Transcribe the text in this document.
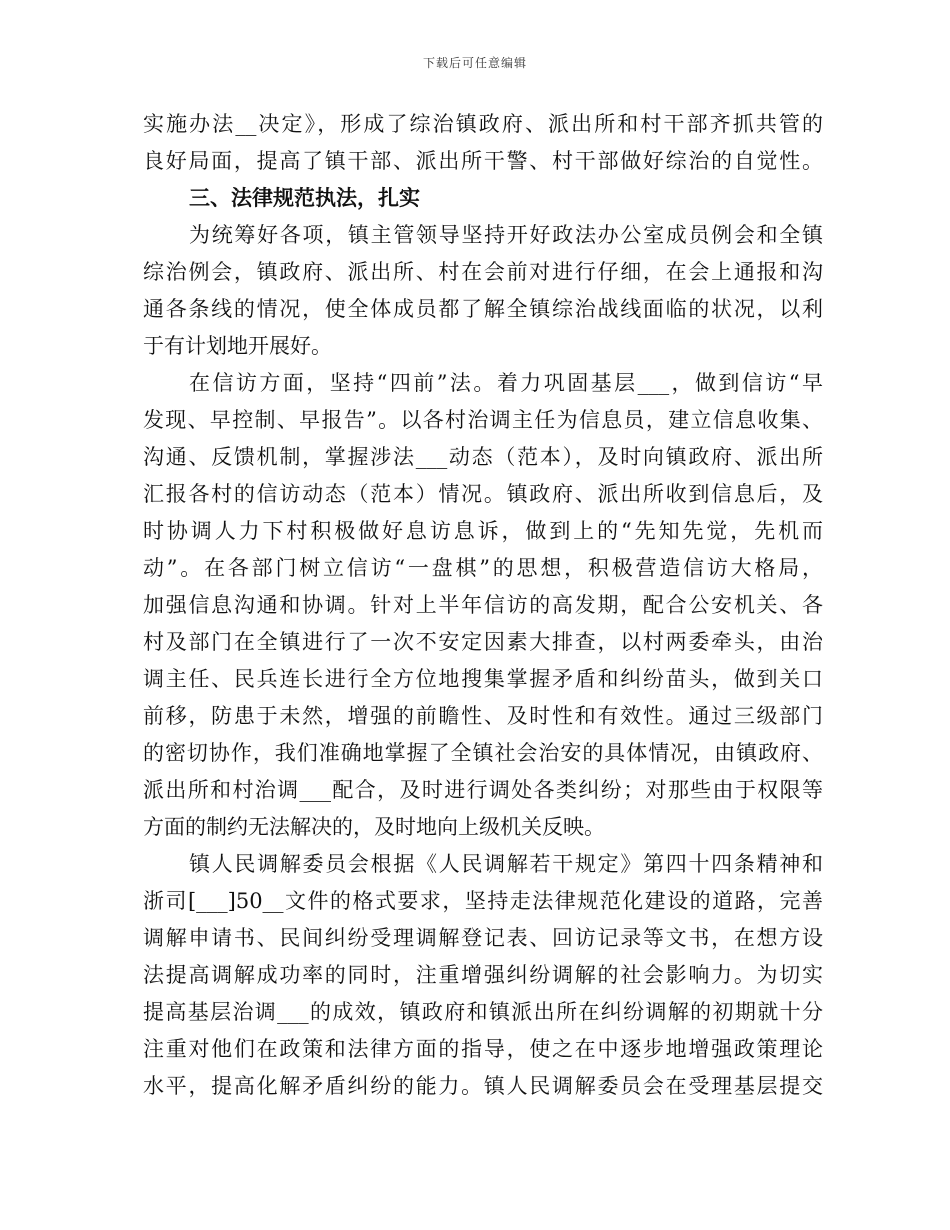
下载后可任意编辑
实施办法__决定》，形成了综治镇政府、派出所和村干部齐抓共管的
良好局面，提高了镇干部、派出所干警、村干部做好综治的自觉性。
三、法律规范执法，扎实
为统筹好各项，镇主管领导坚持开好政法办公室成员例会和全镇
综治例会，镇政府、派出所、村在会前对进行仔细，在会上通报和沟
通各条线的情况，使全体成员都了解全镇综治战线面临的状况，以利
于有计划地开展好。
在信访方面，坚持“四前”法。着力巩固基层___，做到信访“早
发现、早控制、早报告”。以各村治调主任为信息员，建立信息收集、
沟通、反馈机制，掌握涉法___动态（范本），及时向镇政府、派出所
汇报各村的信访动态（范本）情况。镇政府、派出所收到信息后，及
时协调人力下村积极做好息访息诉，做到上的“先知先觉，先机而
动”。在各部门树立信访“一盘棋”的思想，积极营造信访大格局，
加强信息沟通和协调。针对上半年信访的高发期，配合公安机关、各
村及部门在全镇进行了一次不安定因素大排查，以村两委牵头，由治
调主任、民兵连长进行全方位地搜集掌握矛盾和纠纷苗头，做到关口
前移，防患于未然，增强的前瞻性、及时性和有效性。通过三级部门
的密切协作，我们准确地掌握了全镇社会治安的具体情况，由镇政府、
派出所和村治调___配合，及时进行调处各类纠纷；对那些由于权限等
方面的制约无法解决的，及时地向上级机关反映。
镇人民调解委员会根据《人民调解若干规定》第四十四条精神和
浙司[___]50__文件的格式要求，坚持走法律规范化建设的道路，完善
调解申请书、民间纠纷受理调解登记表、回访记录等文书，在想方设
法提高调解成功率的同时，注重增强纠纷调解的社会影响力。为切实
提高基层治调___的成效，镇政府和镇派出所在纠纷调解的初期就十分
注重对他们在政策和法律方面的指导，使之在中逐步地增强政策理论
水平，提高化解矛盾纠纷的能力。镇人民调解委员会在受理基层提交
